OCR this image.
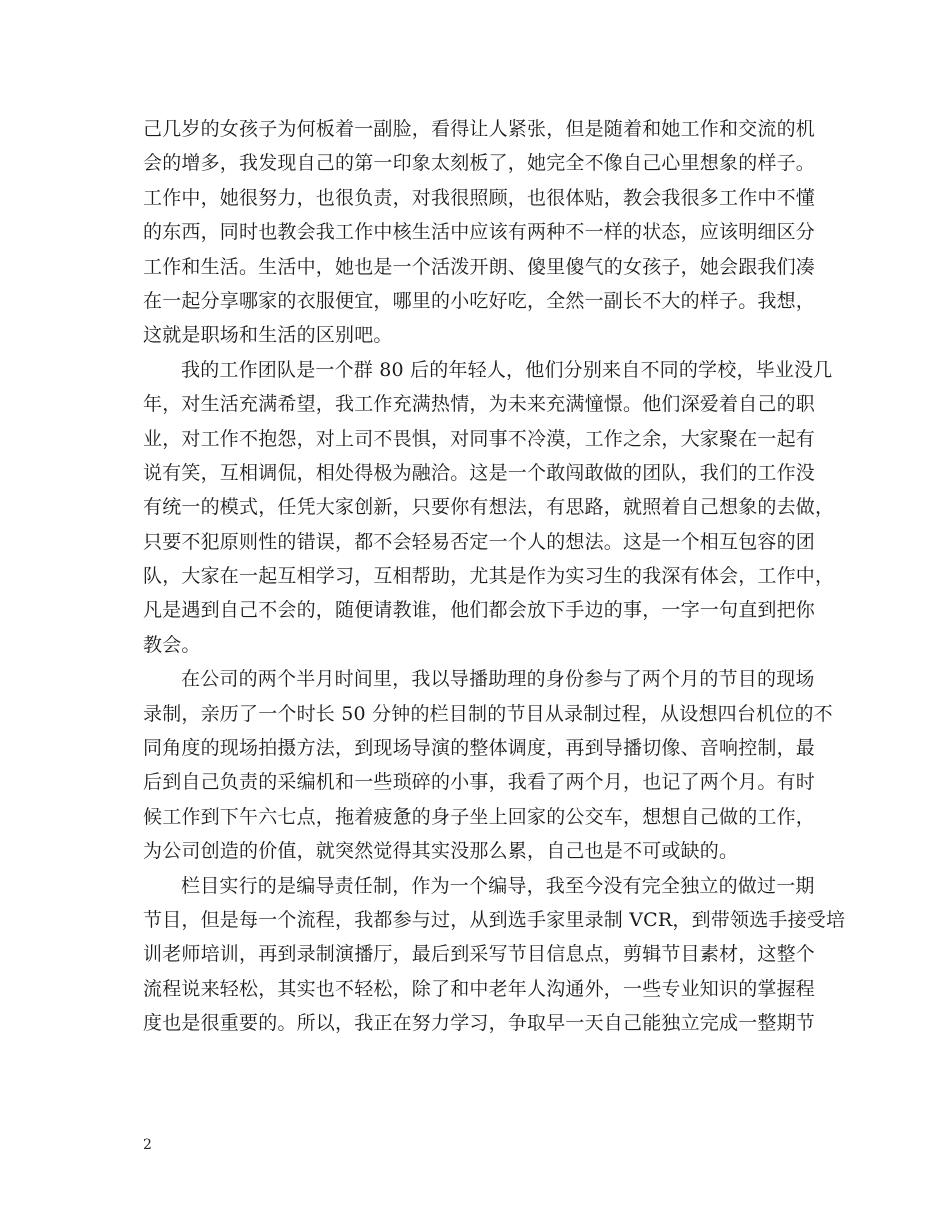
己几岁的女孩子为何板着一副脸，看得让人紧张，但是随着和她工作和交流的机
会的增多，我发现自己的第一印象太刻板了，她完全不像自己心里想象的样子。
工作中，她很努力，也很负责，对我很照顾，也很体贴，教会我很多工作中不懂
的东西，同时也教会我工作中核生活中应该有两种不一样的状态，应该明细区分
工作和生活。生活中，她也是一个活泼开朗、傻里傻气的女孩子，她会跟我们凑
在一起分享哪家的衣服便宜，哪里的小吃好吃，全然一副长不大的样子。我想，
这就是职场和生活的区别吧。
我的工作团队是一个群 80 后的年轻人，他们分别来自不同的学校，毕业没几
年，对生活充满希望，我工作充满热情，为未来充满憧憬。他们深爱着自己的职
业，对工作不抱怨，对上司不畏惧，对同事不冷漠，工作之余，大家聚在一起有
说有笑，互相调侃，相处得极为融洽。这是一个敢闯敢做的团队，我们的工作没
有统一的模式，任凭大家创新，只要你有想法，有思路，就照着自己想象的去做，
只要不犯原则性的错误，都不会轻易否定一个人的想法。这是一个相互包容的团
队，大家在一起互相学习，互相帮助，尤其是作为实习生的我深有体会，工作中，
凡是遇到自己不会的，随便请教谁，他们都会放下手边的事，一字一句直到把你
教会。
在公司的两个半月时间里，我以导播助理的身份参与了两个月的节目的现场
录制，亲历了一个时长 50 分钟的栏目制的节目从录制过程，从设想四台机位的不
同角度的现场拍摄方法，到现场导演的整体调度，再到导播切像、音响控制，最
后到自己负责的采编机和一些琐碎的小事，我看了两个月，也记了两个月。有时
候工作到下午六七点，拖着疲惫的身子坐上回家的公交车，想想自己做的工作，
为公司创造的价值，就突然觉得其实没那么累，自己也是不可或缺的。
栏目实行的是编导责任制，作为一个编导，我至今没有完全独立的做过一期
节目，但是每一个流程，我都参与过，从到选手家里录制 VCR，到带领选手接受培
训老师培训，再到录制演播厅，最后到采写节目信息点，剪辑节目素材，这整个
流程说来轻松，其实也不轻松，除了和中老年人沟通外，一些专业知识的掌握程
度也是很重要的。所以，我正在努力学习，争取早一天自己能独立完成一整期节
2
